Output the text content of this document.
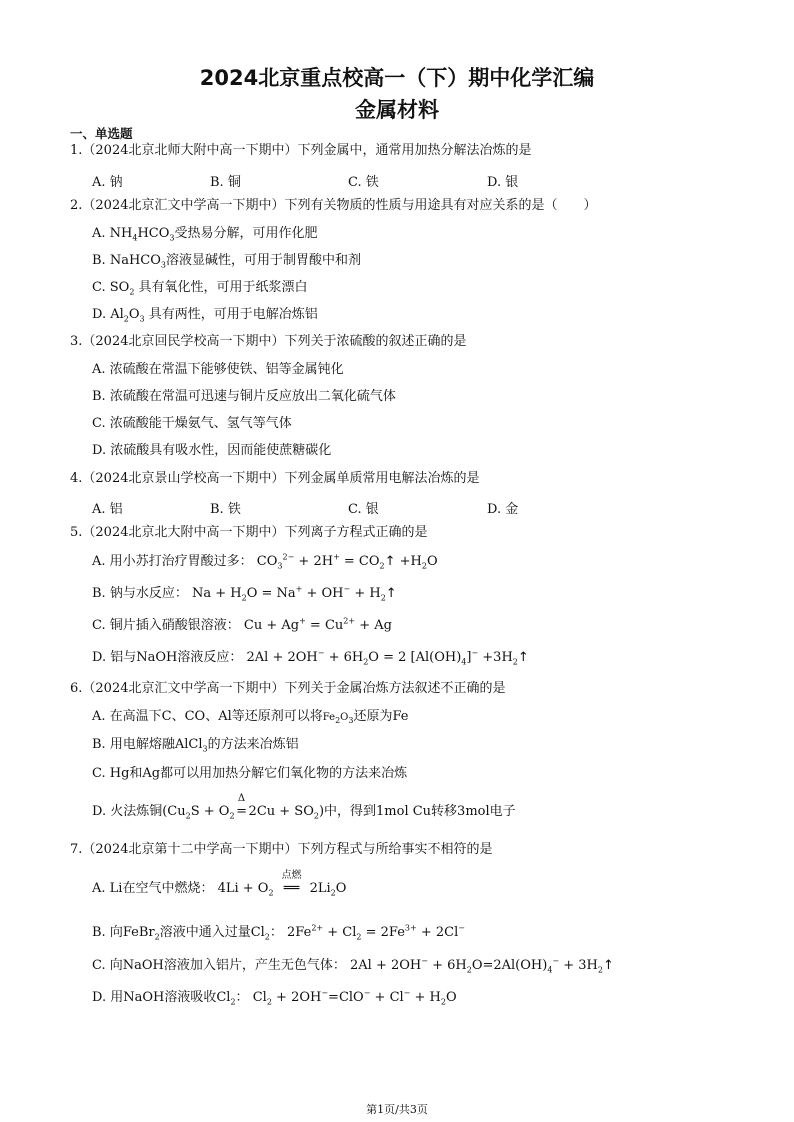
2024北京重点校高一（下）期中化学汇编
金属材料
一、单选题
1.（2024北京北师大附中高一下期中）下列金属中，通常用加热分解法冶炼的是
A. 钠	B. 铜	C. 铁	D. 银
2.（2024北京汇文中学高一下期中）下列有关物质的性质与用途具有对应关系的是（　　）
A. $NH_4HCO_3$受热易分解，可用作化肥
B. NaHCO$_3$溶液显碱性，可用于制胃酸中和剂
C. $SO_2$ 具有氧化性，可用于纸浆漂白
D. $Al_2O_3$ 具有两性，可用于电解冶炼铝
3.（2024北京回民学校高一下期中）下列关于浓硫酸的叙述正确的是
A. 浓硫酸在常温下能够使铁、铝等金属钝化
B. 浓硫酸在常温可迅速与铜片反应放出二氧化硫气体
C. 浓硫酸能干燥氨气、氢气等气体
D. 浓硫酸具有吸水性，因而能使蔗糖碳化
4.（2024北京景山学校高一下期中）下列金属单质常用电解法冶炼的是
A. 铝	B. 铁	C. 银	D. 金
5.（2024北京北大附中高一下期中）下列离子方程式正确的是
A. 用小苏打治疗胃酸过多： $CO_3^{2-} + 2H^+$ = $CO_2↑ +H_2O$
B. 钠与水反应： $Na + H_2O = Na^+ + OH^-$ + $H_2↑$
C. 铜片插入硝酸银溶液： $Cu + Ag^+ = Cu^{2+} + Ag$
D. 铝与NaOH溶液反应： $2Al + 2OH^- + 6H_2O = 2$ $[Al(OH)_4]^-$ $+3H_2↑$
6.（2024北京汇文中学高一下期中）下列关于金属冶炼方法叙述不正确的是
A. 在高温下C、CO、Al等还原剂可以将$Fe_2O_3$还原为Fe
B. 用电解熔融AlCl$_3$的方法来冶炼铝
C. Hg和Ag都可以用加热分解它们氧化物的方法来冶炼
D. 火法炼铜($Cu_2S + O_2$
Δ
= $2Cu + SO_2$)中，得到1mol Cu转移3mol电子
7.（2024北京第十二中学高一下期中）下列方程式与所给事实不相符的是
A. Li在空气中燃烧： $4Li + O_2$
点燃
══ $2Li_2O$
B. 向FeBr$_2$溶液中通入过量$Cl_2$： $2Fe^{2+} + Cl_2 = 2Fe^{3+} + 2Cl^-$
C. 向NaOH溶液加入铝片，产生无色气体： $2Al + 2OH^- + 6H_2O=2Al(OH)_4^-$ + $3H_2↑$
D. 用NaOH溶液吸收$Cl_2$： $Cl_2 + 2OH^-=ClO^- + Cl^- + H_2O$
第1页/共3页
